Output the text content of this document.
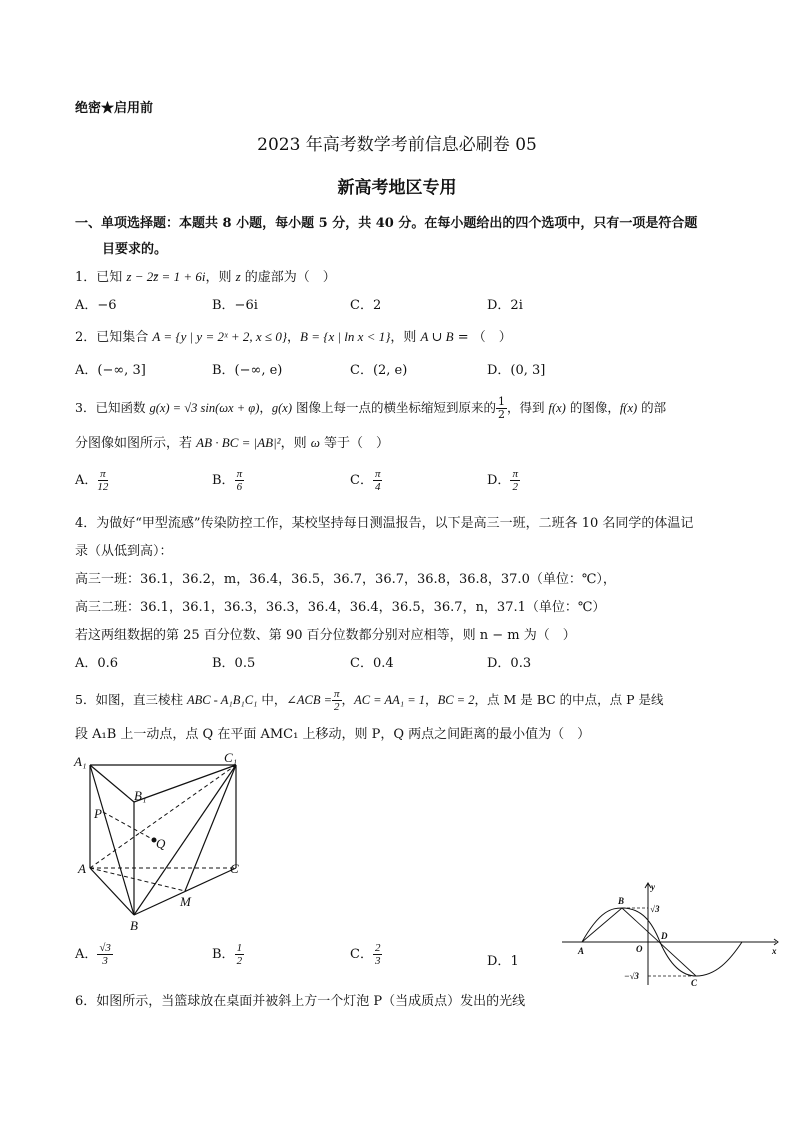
绝密★启用前
2023 年高考数学考前信息必刷卷 05
新高考地区专用
一、单项选择题：本题共 8 小题，每小题 5 分，共 40 分。在每小题给出的四个选项中，只有一项是符合题
目要求的。
1．已知 z − 2z̄ = 1 + 6i，则 z 的虚部为（　）
A．−6	B．−6i	C．2	D．2i
2．已知集合 A = {y | y = 2ˣ + 2, x ≤ 0}，B = {x | ln x < 1}，则 A ∪ B = （　）
A．(−∞, 3]	B．(−∞, e)	C．(2, e)	D．(0, 3]
3．已知函数 g(x) = √3 sin(ωx + φ)，g(x) 图像上每一点的横坐标缩短到原来的 $\frac{1}{2}$ ，得到 f(x) 的图像，f(x) 的部
分图像如图所示，若 AB · BC = |AB|²，则 ω 等于（　）
A． $\frac{\pi}{12}$	B． $\frac{\pi}{6}$	C． $\frac{\pi}{4}$	D． $\frac{\pi}{2}$
4．为做好“甲型流感”传染防控工作，某校坚持每日测温报告，以下是高三一班，二班各 10 名同学的体温记
录（从低到高）：
高三一班：36.1，36.2，m，36.4，36.5，36.7，36.7，36.8，36.8，37.0（单位：℃），
高三二班：36.1，36.1，36.3，36.3，36.4，36.4，36.5，36.7，n，37.1（单位：℃）
若这两组数据的第 25 百分位数、第 90 百分位数都分别对应相等，则 n − m 为（　）
A．0.6	B．0.5	C．0.4	D．0.3
5．如图，直三棱柱 ABC - A₁B₁C₁ 中，∠ACB = $\frac{\pi}{2}$ ，AC = AA₁ = 1，BC = 2，点 M 是 BC 的中点，点 P 是线
段 A₁B 上一动点，点 Q 在平面 AMC₁ 上移动，则 P，Q 两点之间距离的最小值为（　）
A₁	C₁
B₁
P
Q
A	C
M
B
A． $\frac{√3}{3}$	B． $\frac{1}{2}$	C． $\frac{2}{3}$	D．1
y
x
O
B
D
A
C
√3
−√3
6．如图所示，当篮球放在桌面并被斜上方一个灯泡 P（当成质点）发出的光线
